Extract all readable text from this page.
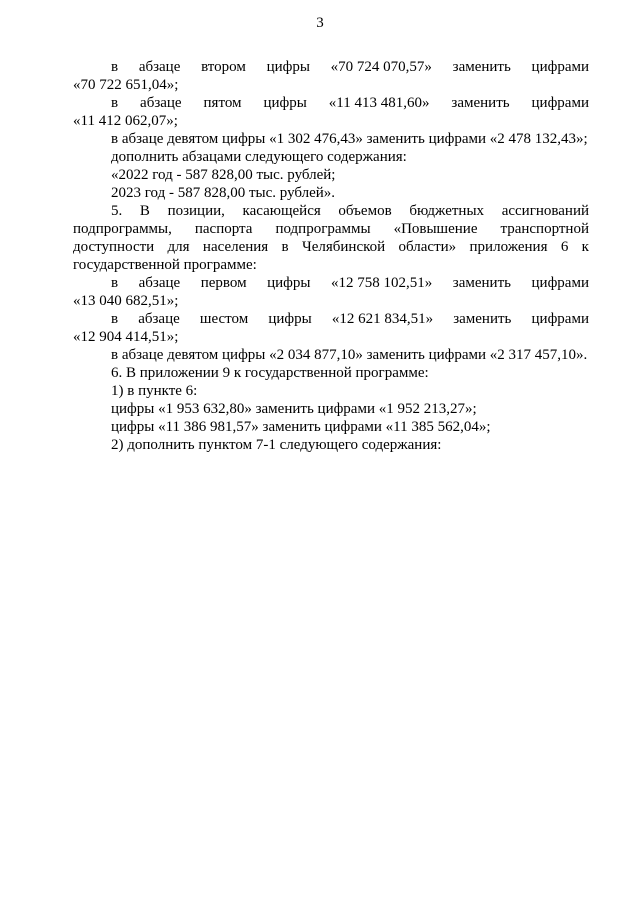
3
в абзаце втором цифры «70 724 070,57» заменить цифрами
«70 722 651,04»;
в абзаце пятом цифры «11 413 481,60» заменить цифрами
«11 412 062,07»;
в абзаце девятом цифры «1 302 476,43» заменить цифрами «2 478 132,43»;
дополнить абзацами следующего содержания:
«2022 год - 587 828,00 тыс. рублей;
2023 год - 587 828,00 тыс. рублей».
5. В позиции, касающейся объемов бюджетных ассигнований
подпрограммы, паспорта подпрограммы «Повышение транспортной
доступности для населения в Челябинской области» приложения 6 к
государственной программе:
в абзаце первом цифры «12 758 102,51» заменить цифрами
«13 040 682,51»;
в абзаце шестом цифры «12 621 834,51» заменить цифрами
«12 904 414,51»;
в абзаце девятом цифры «2 034 877,10» заменить цифрами «2 317 457,10».
6. В приложении 9 к государственной программе:
1) в пункте 6:
цифры «1 953 632,80» заменить цифрами «1 952 213,27»;
цифры «11 386 981,57» заменить цифрами «11 385 562,04»;
2) дополнить пунктом 7-1 следующего содержания:
